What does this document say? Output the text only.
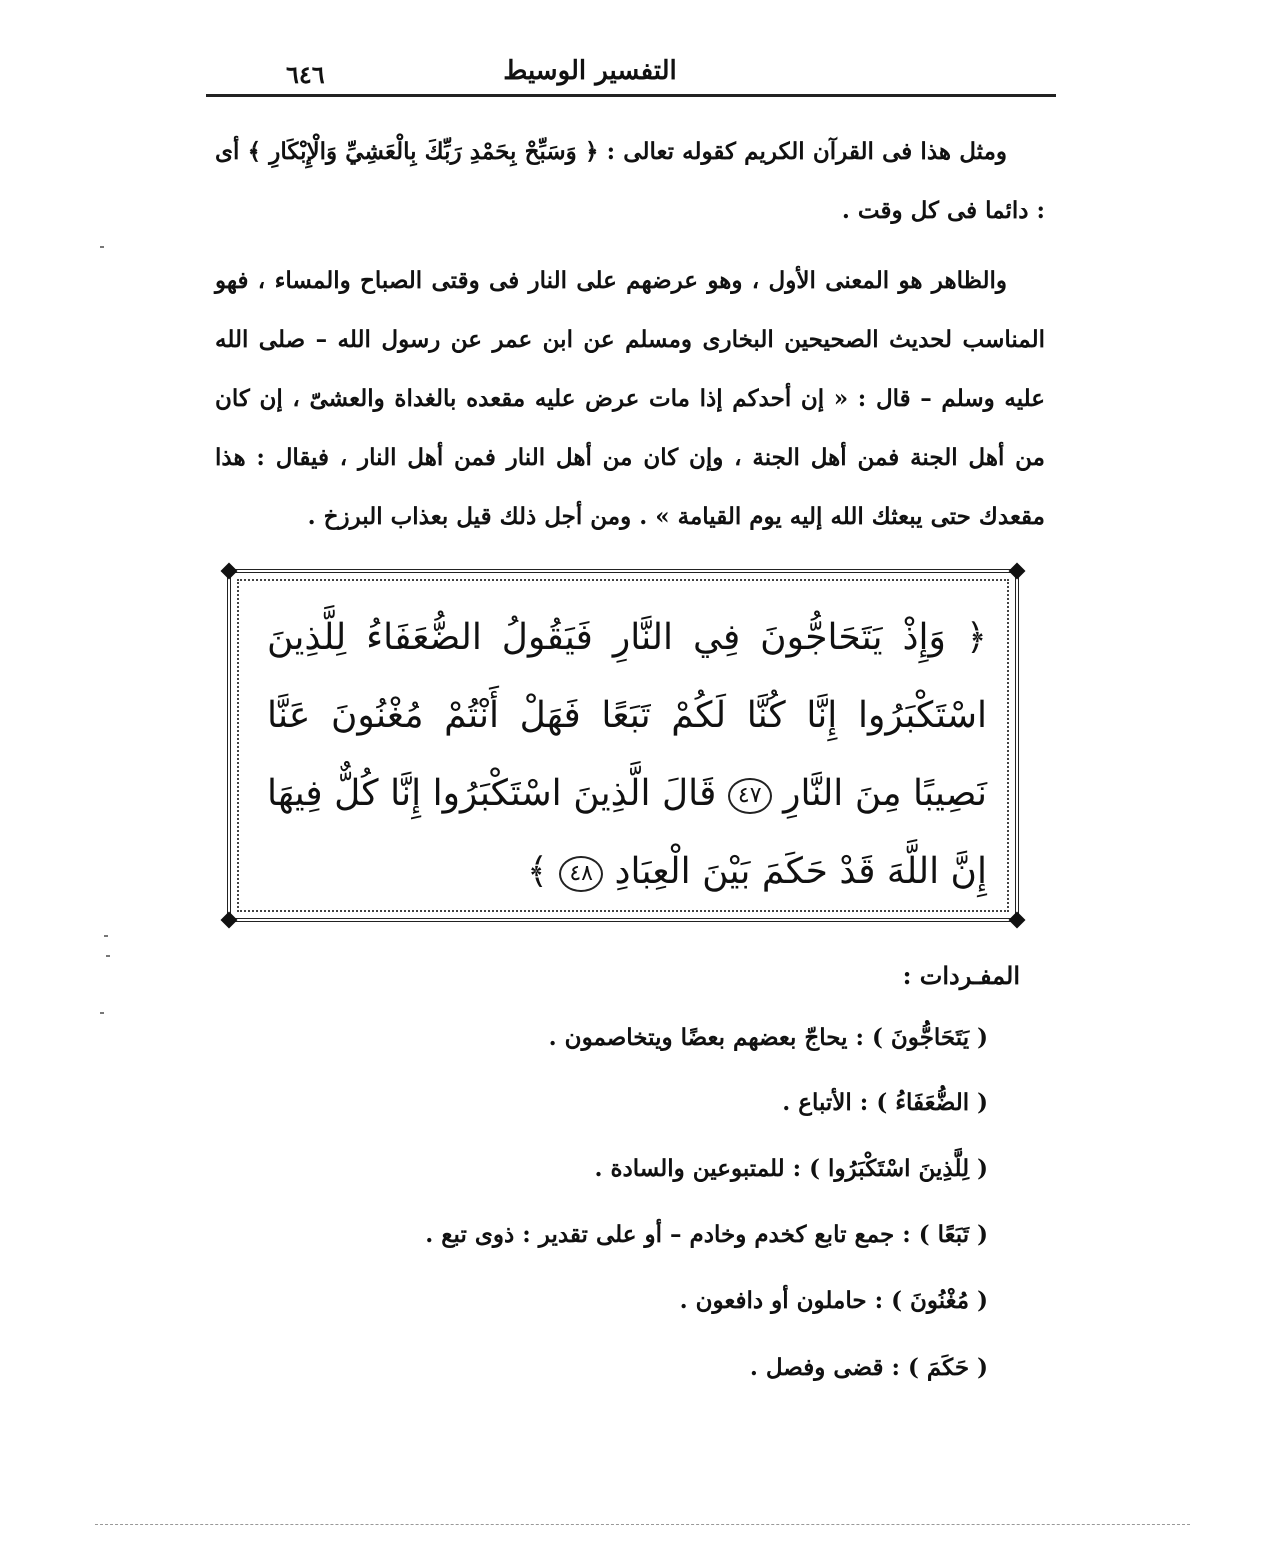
٦٤٦	التفسير الوسيط
ومثل هذا فى القرآن الكريم كقوله تعالى : ﴿ وَسَبِّحْ بِحَمْدِ رَبِّكَ بِالْعَشِيِّ وَالْإِبْكَارِ ﴾ أى : دائما فى كل وقت .
والظاهر هو المعنى الأول ، وهو عرضهم على النار فى وقتى الصباح والمساء ، فهو المناسب لحديث الصحيحين البخارى ومسلم عن ابن عمر عن رسول الله – صلى الله عليه وسلم – قال : « إن أحدكم إذا مات عرض عليه مقعده بالغداة والعشىّ ، إن كان من أهل الجنة فمن أهل الجنة ، وإن كان من أهل النار فمن أهل النار ، فيقال : هذا مقعدك حتى يبعثك الله إليه يوم القيامة » . ومن أجل ذلك قيل بعذاب البرزخ .
﴿ وَإِذْ يَتَحَاجُّونَ فِي النَّارِ فَيَقُولُ الضُّعَفَاءُ لِلَّذِينَ اسْتَكْبَرُوا إِنَّا كُنَّا لَكُمْ تَبَعًا فَهَلْ أَنْتُمْ مُغْنُونَ عَنَّا نَصِيبًا مِنَ النَّارِ ٤٧ قَالَ الَّذِينَ اسْتَكْبَرُوا إِنَّا كُلٌّ فِيهَا إِنَّ اللَّهَ قَدْ حَكَمَ بَيْنَ الْعِبَادِ ٤٨ ﴾
المفـردات :
( يَتَحَاجُّونَ ) : يحاجّ بعضهم بعضًا ويتخاصمون .
( الضُّعَفَاءُ ) : الأتباع .
( لِلَّذِينَ اسْتَكْبَرُوا ) : للمتبوعين والسادة .
( تَبَعًا ) : جمع تابع كخدم وخادم – أو على تقدير : ذوى تبع .
( مُغْنُونَ ) : حاملون أو دافعون .
( حَكَمَ ) : قضى وفصل .
